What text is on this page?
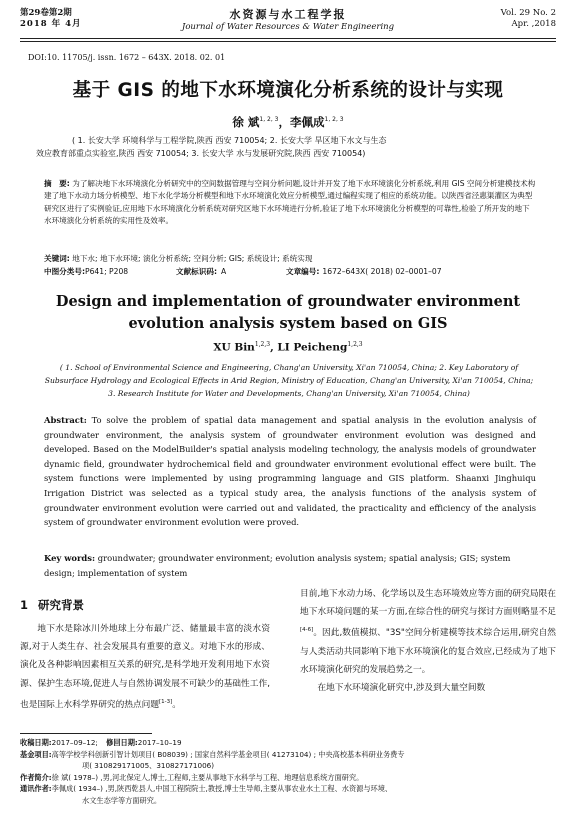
第29卷第2期
2018 年 4月
水资源与水工程学报
Journal of Water Resources & Water Engineering
Vol. 29 No. 2
Apr. ,2018
DOI:10. 11705/j. issn. 1672 – 643X. 2018. 02. 01
基于 GIS 的地下水环境演化分析系统的设计与实现
徐 斌$^{1, 2, 3}$，李佩成$^{1, 2, 3}$
( 1. 长安大学 环境科学与工程学院,陕西 西安 710054; 2. 长安大学 旱区地下水文与生态
效应教育部重点实验室,陕西 西安 710054; 3. 长安大学 水与发展研究院,陕西 西安 710054)
摘　要: 为了解决地下水环境演化分析研究中的空间数据管理与空间分析问题,设计并开发了地下水环境演化分析系统,利用 GIS 空间分析建模技术构建了地下水动力场分析模型、地下水化学场分析模型和地下水环境演化效应分析模型,通过编程实现了相应的系统功能。以陕西省泾惠渠灌区为典型研究区进行了实例验证,应用地下水环境演化分析系统对研究区地下水环境进行分析,验证了地下水环境演化分析模型的可靠性,检验了所开发的地下水环境演化分析系统的实用性及效率。
关键词: 地下水; 地下水环境; 演化分析系统; 空间分析; GIS; 系统设计; 系统实现
中图分类号:P641; P208	文献标识码: A	文章编号: 1672–643X( 2018) 02–0001–07
Design and implementation of groundwater environment
evolution analysis system based on GIS
XU Bin$^{1,2,3}$, LI Peicheng$^{1,2,3}$
( 1. School of Environmental Science and Engineering, Chang'an University, Xi'an 710054, China; 2. Key Laboratory of
Subsurface Hydrology and Ecological Effects in Arid Region, Ministry of Education, Chang'an University, Xi'an 710054, China;
3. Research Institute for Water and Developments, Chang'an University, Xi'an 710054, China)
Abstract: To solve the problem of spatial data management and spatial analysis in the evolution analysis of groundwater environment, the analysis system of groundwater environment evolution was designed and developed. Based on the ModelBuilder's spatial analysis modeling technology, the analysis models of groundwater dynamic field, groundwater hydrochemical field and groundwater environment evolutional effect were built. The system functions were implemented by using programming language and GIS platform. Shaanxi Jinghuiqu Irrigation District was selected as a typical study area, the analysis functions of the analysis system of groundwater environment evolution were carried out and validated, the practicality and efficiency of the analysis system of groundwater environment evolution were proved.
Key words: groundwater; groundwater environment; evolution analysis system; spatial analysis; GIS; system design; implementation of system
1 研究背景

地下水是除冰川外地球上分布最广泛、储量最丰富的淡水资源,对于人类生存、社会发展具有重要的意义。对地下水的形成、演化及各种影响因素相互关系的研究,是科学地开发利用地下水资源、保护生态环境,促进人与自然协调发展不可缺少的基础性工作,也是国际上水科学界研究的热点问题[1-3]。

目前,地下水动力场、化学场以及生态环境效应等方面的研究局限在地下水环境问题的某一方面,在综合性的研究与探讨方面则略显不足[4-6]。因此,数值模拟、"3S"空间分析建模等技术综合运用,研究自然与人类活动共同影响下地下水环境演化的复合效应,已经成为了地下水环境演化研究的发展趋势之一。

在地下水环境演化研究中,涉及到大量空间数

收稿日期:2017–09–12; 修回日期:2017–10–19
基金项目:高等学校学科创新引智计划项目( B08039) ; 国家自然科学基金项目( 41273104) ; 中央高校基本科研业务费专
项( 310829171005、310827171006)
作者简介:徐 斌( 1978–) ,男,河北保定人,博士,工程师,主要从事地下水科学与工程、地理信息系统方面研究。
通讯作者:李佩成( 1934–) ,男,陕西乾县人,中国工程院院士,教授,博士生导师,主要从事农业水土工程、水资源与环境、
水文生态学等方面研究。
